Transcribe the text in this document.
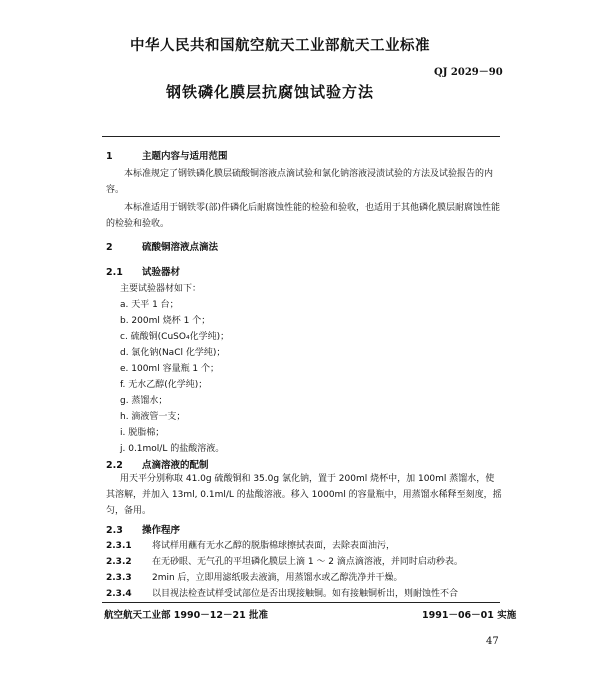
中华人民共和国航空航天工业部航天工业标准
QJ 2029－90
钢铁磷化膜层抗腐蚀试验方法
1	主题内容与适用范围
本标准规定了钢铁磷化膜层硫酸铜溶液点滴试验和氯化钠溶液浸渍试验的方法及试验报告的内容。
本标准适用于钢铁零(部)件磷化后耐腐蚀性能的检验和验收，也适用于其他磷化膜层耐腐蚀性能的检验和验收。
2	硫酸铜溶液点滴法
2.1 试验器材
主要试验器材如下：
a. 天平 1 台；
b. 200ml 烧杯 1 个；
c. 硫酸铜(CuSO₄化学纯)；
d. 氯化钠(NaCl 化学纯)；
e. 100ml 容量瓶 1 个；
f. 无水乙醇(化学纯)；
g. 蒸馏水；
h. 滴液管一支；
i. 脱脂棉；
j. 0.1mol/L 的盐酸溶液。
2.2 点滴溶液的配制
用天平分别称取 41.0g 硫酸铜和 35.0g 氯化钠，置于 200ml 烧杯中，加 100ml 蒸馏水，使其溶解，并加入 13ml, 0.1ml/L 的盐酸溶液。移入 1000ml 的容量瓶中，用蒸馏水稀释至刻度，摇匀，备用。
2.3 操作程序
2.3.1 将试样用蘸有无水乙醇的脱脂棉球擦拭表面，去除表面油污，
2.3.2 在无砂眼、无气孔的平坦磷化膜层上滴 1 ～ 2 滴点滴溶液，并同时启动秒表。
2.3.3 2min 后，立即用滤纸吸去液滴，用蒸馏水或乙醇洗净并干燥。
2.3.4 以目视法检查试样受试部位是否出现接触铜。如有接触铜析出，则耐蚀性不合
航空航天工业部 1990－12－21 批准	1991－06－01 实施
47
